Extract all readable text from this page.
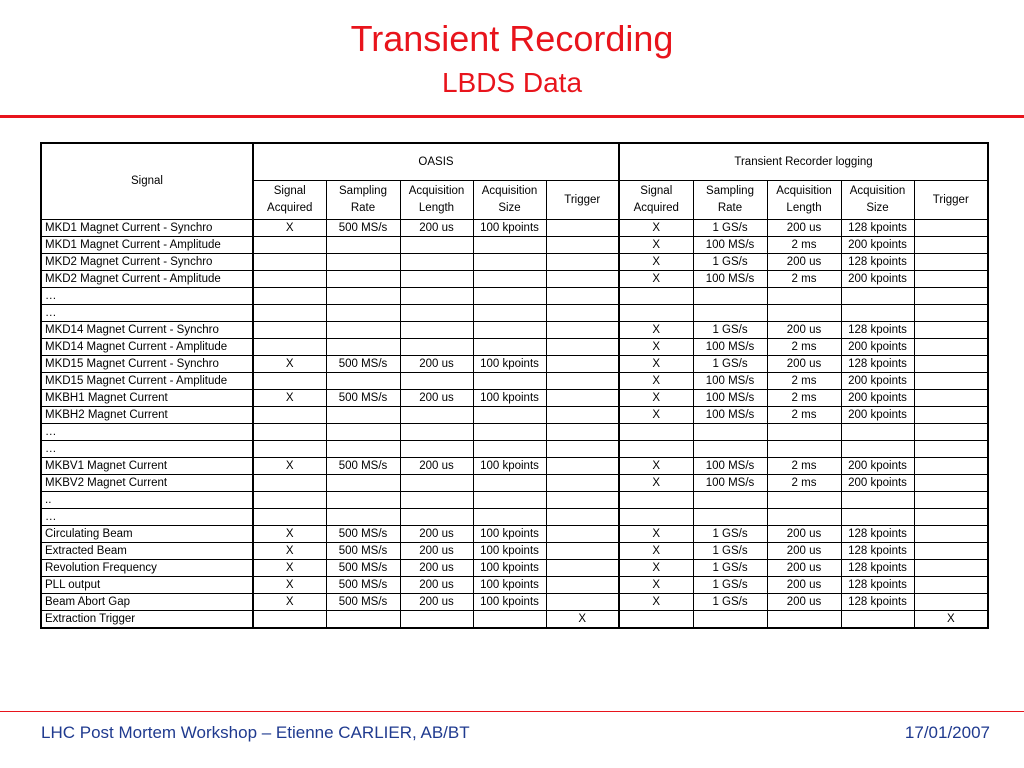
Transient Recording
LBDS Data
Signal	OASIS					Transient Recorder logging				
	Signal Acquired	Sampling Rate	Acquisition Length	Acquisition Size	Trigger	Signal Acquired	Sampling Rate	Acquisition Length	Acquisition Size	Trigger
MKD1 Magnet Current - Synchro	X	500 MS/s	200 us	100 kpoints		X	1 GS/s	200 us	128 kpoints	
MKD1 Magnet Current - Amplitude						X	100 MS/s	2 ms	200 kpoints	
MKD2 Magnet Current - Synchro						X	1 GS/s	200 us	128 kpoints	
MKD2 Magnet Current - Amplitude						X	100 MS/s	2 ms	200 kpoints	
…										
…										
MKD14 Magnet Current - Synchro						X	1 GS/s	200 us	128 kpoints	
MKD14 Magnet Current - Amplitude						X	100 MS/s	2 ms	200 kpoints	
MKD15 Magnet Current - Synchro	X	500 MS/s	200 us	100 kpoints		X	1 GS/s	200 us	128 kpoints	
MKD15 Magnet Current - Amplitude						X	100 MS/s	2 ms	200 kpoints	
MKBH1 Magnet Current	X	500 MS/s	200 us	100 kpoints		X	100 MS/s	2 ms	200 kpoints	
MKBH2 Magnet Current						X	100 MS/s	2 ms	200 kpoints	
…										
…										
MKBV1 Magnet Current	X	500 MS/s	200 us	100 kpoints		X	100 MS/s	2 ms	200 kpoints	
MKBV2 Magnet Current						X	100 MS/s	2 ms	200 kpoints	
..										
…										
Circulating Beam	X	500 MS/s	200 us	100 kpoints		X	1 GS/s	200 us	128 kpoints	
Extracted Beam	X	500 MS/s	200 us	100 kpoints		X	1 GS/s	200 us	128 kpoints	
Revolution Frequency	X	500 MS/s	200 us	100 kpoints		X	1 GS/s	200 us	128 kpoints	
PLL output	X	500 MS/s	200 us	100 kpoints		X	1 GS/s	200 us	128 kpoints	
Beam Abort Gap	X	500 MS/s	200 us	100 kpoints		X	1 GS/s	200 us	128 kpoints	
Extraction Trigger					X					X
LHC Post Mortem Workshop – Etienne CARLIER, AB/BT	17/01/2007
